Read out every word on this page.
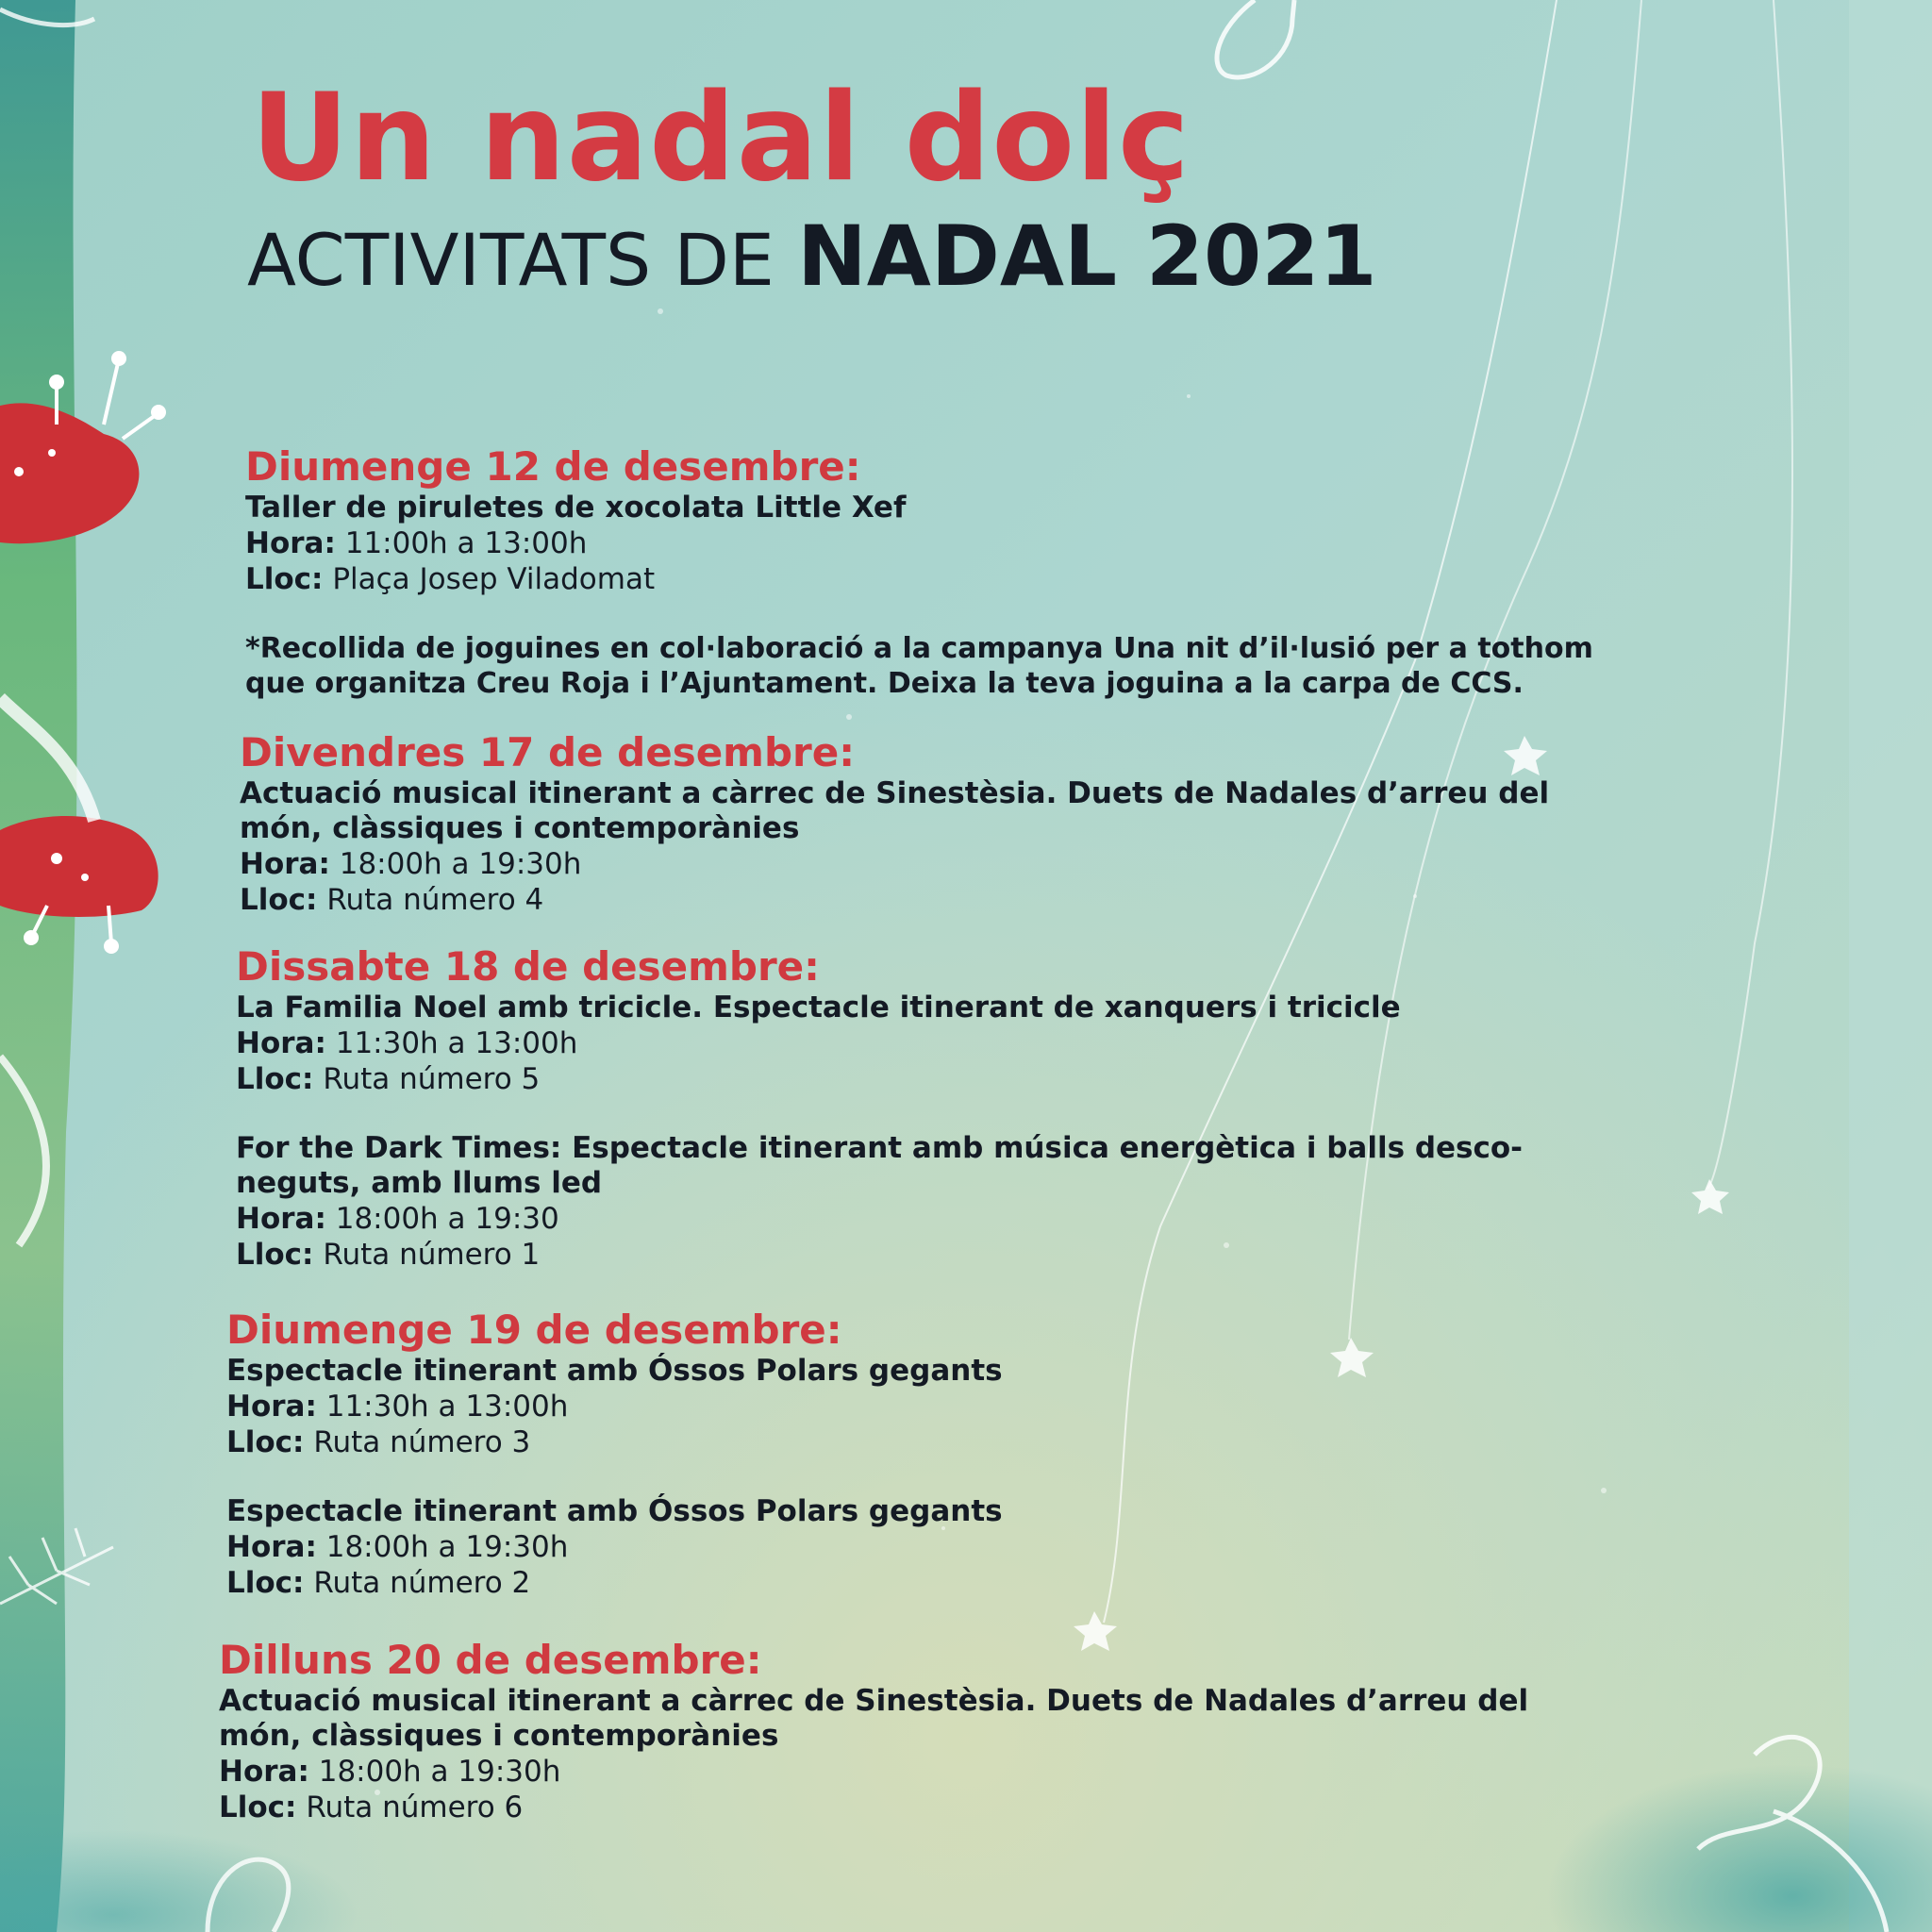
Un nadal dolç
ACTIVITATS DE NADAL 2021
Diumenge 12 de desembre:

Taller de piruletes de xocolata Little Xef

Hora: 11:00h a 13:00h

Lloc: Plaça Josep Viladomat

*Recollida de joguines en col·laboració a la campanya Una nit d’il·lusió per a tothom

que organitza Creu Roja i l’Ajuntament. Deixa la teva joguina a la carpa de CCS.

Divendres 17 de desembre:

Actuació musical itinerant a càrrec de Sinestèsia. Duets de Nadales d’arreu del

món, clàssiques i contemporànies

Hora: 18:00h a 19:30h

Lloc: Ruta número 4

Dissabte 18 de desembre:

La Familia Noel amb tricicle. Espectacle itinerant de xanquers i tricicle

Hora: 11:30h a 13:00h

Lloc: Ruta número 5

For the Dark Times: Espectacle itinerant amb música energètica i balls desco-

neguts, amb llums led

Hora: 18:00h a 19:30

Lloc: Ruta número 1

Diumenge 19 de desembre:

Espectacle itinerant amb Óssos Polars gegants

Hora: 11:30h a 13:00h

Lloc: Ruta número 3

Espectacle itinerant amb Óssos Polars gegants

Hora: 18:00h a 19:30h

Lloc: Ruta número 2

Dilluns 20 de desembre:

Actuació musical itinerant a càrrec de Sinestèsia. Duets de Nadales d’arreu del

món, clàssiques i contemporànies

Hora: 18:00h a 19:30h

Lloc: Ruta número 6
